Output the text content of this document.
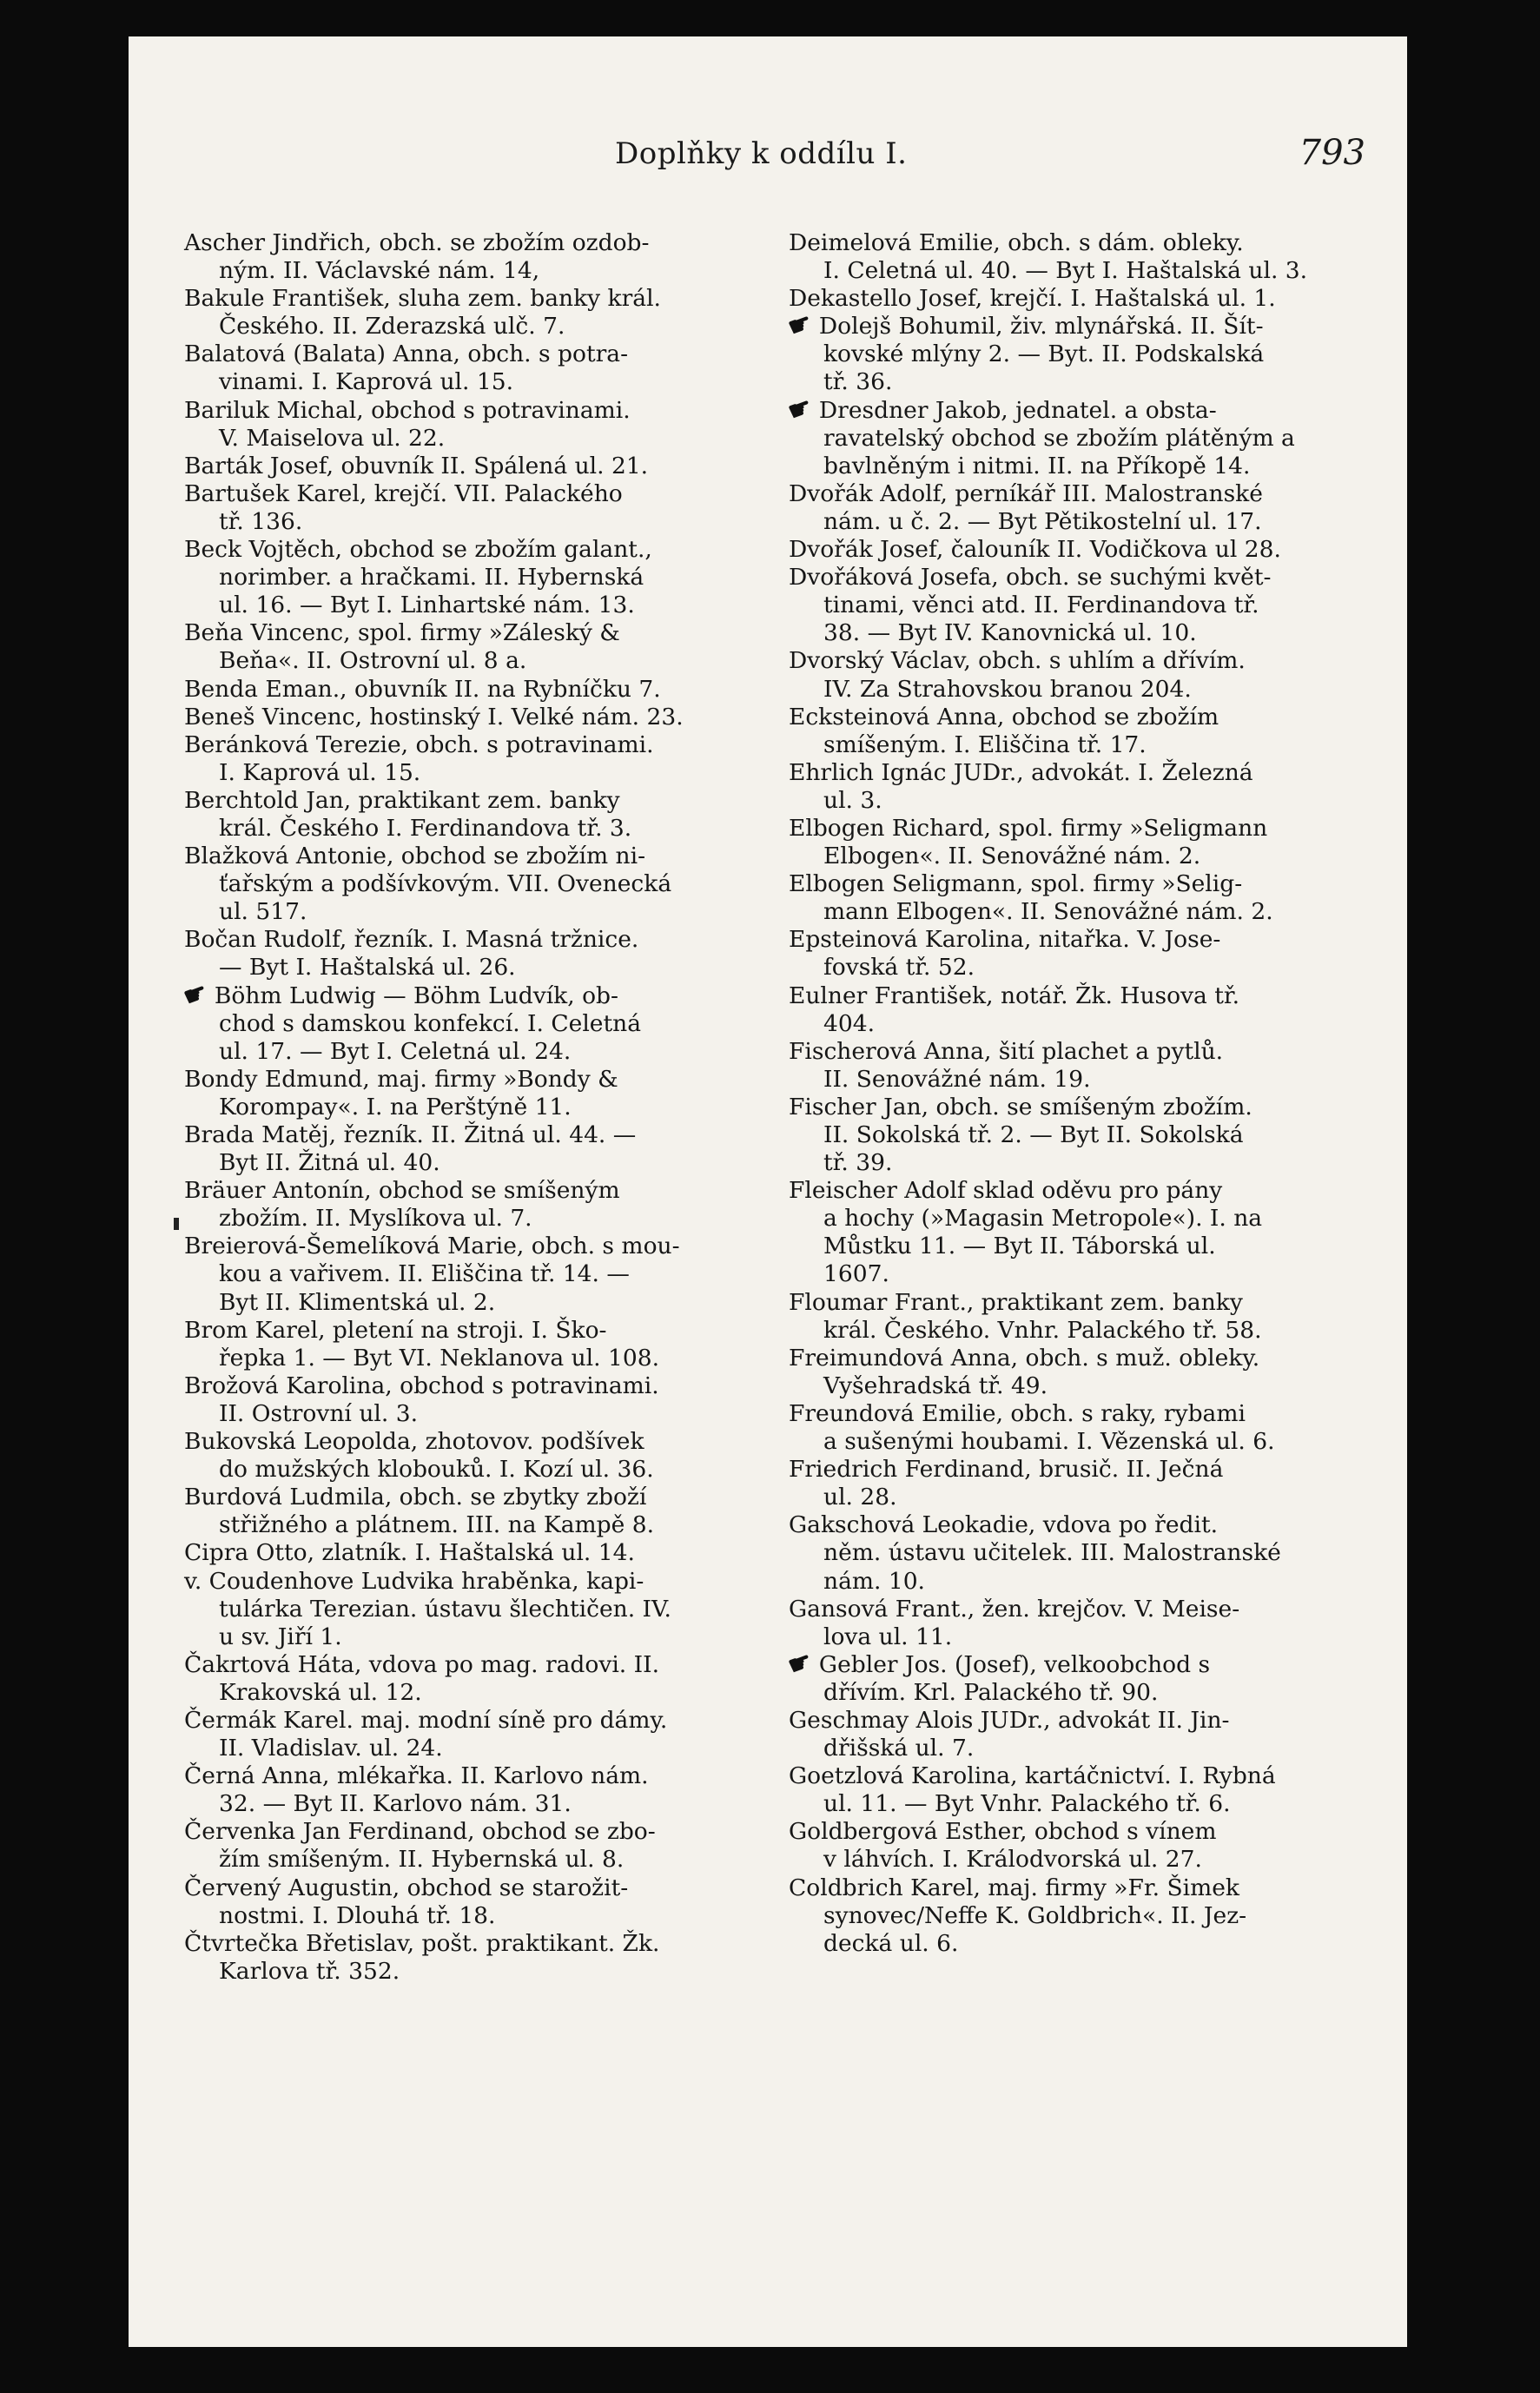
Doplňky k oddílu I.	793
Ascher Jindřich, obch. se zbožím ozdob-
ným. II. Václavské nám. 14,
Bakule František, sluha zem. banky král.
Českého. II. Zderazská ulč. 7.
Balatová (Balata) Anna, obch. s potra-
vinami. I. Kaprová ul. 15.
Bariluk Michal, obchod s potravinami.
V. Maiselova ul. 22.
Barták Josef, obuvník II. Spálená ul. 21.
Bartušek Karel, krejčí. VII. Palackého
tř. 136.
Beck Vojtěch, obchod se zbožím galant.,
norimber. a hračkami. II. Hybernská
ul. 16. — Byt I. Linhartské nám. 13.
Beňa Vincenc, spol. firmy »Záleský &
Beňa«. II. Ostrovní ul. 8 a.
Benda Eman., obuvník II. na Rybníčku 7.
Beneš Vincenc, hostinský I. Velké nám. 23.
Beránková Terezie, obch. s potravinami.
I. Kaprová ul. 15.
Berchtold Jan, praktikant zem. banky
král. Českého I. Ferdinandova tř. 3.
Blažková Antonie, obchod se zbožím ni-
ťařským a podšívkovým. VII. Ovenecká
ul. 517.
Bočan Rudolf, řezník. I. Masná tržnice.
— Byt I. Haštalská ul. 26.
☛ Böhm Ludwig — Böhm Ludvík, ob-
chod s damskou konfekcí. I. Celetná
ul. 17. — Byt I. Celetná ul. 24.
Bondy Edmund, maj. firmy »Bondy &
Korompay«. I. na Perštýně 11.
Brada Matěj, řezník. II. Žitná ul. 44. —
Byt II. Žitná ul. 40.
Bräuer Antonín, obchod se smíšeným
zbožím. II. Myslíkova ul. 7.
Breierová-Šemelíková Marie, obch. s mou-
kou a vařivem. II. Eliščina tř. 14. —
Byt II. Klimentská ul. 2.
Brom Karel, pletení na stroji. I. Ško-
řepka 1. — Byt VI. Neklanova ul. 108.
Brožová Karolina, obchod s potravinami.
II. Ostrovní ul. 3.
Bukovská Leopolda, zhotovov. podšívek
do mužských klobouků. I. Kozí ul. 36.
Burdová Ludmila, obch. se zbytky zboží
střižného a plátnem. III. na Kampě 8.
Cipra Otto, zlatník. I. Haštalská ul. 14.
v. Coudenhove Ludvika hraběnka, kapi-
tulárka Terezian. ústavu šlechtičen. IV.
u sv. Jiří 1.
Čakrtová Háta, vdova po mag. radovi. II.
Krakovská ul. 12.
Čermák Karel. maj. modní síně pro dámy.
II. Vladislav. ul. 24.
Černá Anna, mlékařka. II. Karlovo nám.
32. — Byt II. Karlovo nám. 31.
Červenka Jan Ferdinand, obchod se zbo-
žím smíšeným. II. Hybernská ul. 8.
Červený Augustin, obchod se starožit-
nostmi. I. Dlouhá tř. 18.
Čtvrtečka Břetislav, pošt. praktikant. Žk.
Karlova tř. 352.
Deimelová Emilie, obch. s dám. obleky.
I. Celetná ul. 40. — Byt I. Haštalská ul. 3.
Dekastello Josef, krejčí. I. Haštalská ul. 1.
☛ Dolejš Bohumil, živ. mlynářská. II. Šít-
kovské mlýny 2. — Byt. II. Podskalská
tř. 36.
☛ Dresdner Jakob, jednatel. a obsta-
ravatelský obchod se zbožím plátěným a
bavlněným i nitmi. II. na Příkopě 14.
Dvořák Adolf, perníkář III. Malostranské
nám. u č. 2. — Byt Pětikostelní ul. 17.
Dvořák Josef, čalouník II. Vodičkova ul 28.
Dvořáková Josefa, obch. se suchými květ-
tinami, věnci atd. II. Ferdinandova tř.
38. — Byt IV. Kanovnická ul. 10.
Dvorský Václav, obch. s uhlím a dřívím.
IV. Za Strahovskou branou 204.
Ecksteinová Anna, obchod se zbožím
smíšeným. I. Eliščina tř. 17.
Ehrlich Ignác JUDr., advokát. I. Železná
ul. 3.
Elbogen Richard, spol. firmy »Seligmann
Elbogen«. II. Senovážné nám. 2.
Elbogen Seligmann, spol. firmy »Selig-
mann Elbogen«. II. Senovážné nám. 2.
Epsteinová Karolina, nitařka. V. Jose-
fovská tř. 52.
Eulner František, notář. Žk. Husova tř.
404.
Fischerová Anna, šití plachet a pytlů.
II. Senovážné nám. 19.
Fischer Jan, obch. se smíšeným zbožím.
II. Sokolská tř. 2. — Byt II. Sokolská
tř. 39.
Fleischer Adolf sklad oděvu pro pány
a hochy (»Magasin Metropole«). I. na
Můstku 11. — Byt II. Táborská ul.
1607.
Floumar Frant., praktikant zem. banky
král. Českého. Vnhr. Palackého tř. 58.
Freimundová Anna, obch. s muž. obleky.
Vyšehradská tř. 49.
Freundová Emilie, obch. s raky, rybami
a sušenými houbami. I. Vězenská ul. 6.
Friedrich Ferdinand, brusič. II. Ječná
ul. 28.
Gakschová Leokadie, vdova po ředit.
něm. ústavu učitelek. III. Malostranské
nám. 10.
Gansová Frant., žen. krejčov. V. Meise-
lova ul. 11.
☛ Gebler Jos. (Josef), velkoobchod s
dřívím. Krl. Palackého tř. 90.
Geschmay Alois JUDr., advokát II. Jin-
dřišská ul. 7.
Goetzlová Karolina, kartáčnictví. I. Rybná
ul. 11. — Byt Vnhr. Palackého tř. 6.
Goldbergová Esther, obchod s vínem
v láhvích. I. Králodvorská ul. 27.
Coldbrich Karel, maj. firmy »Fr. Šimek
synovec/Neffe K. Goldbrich«. II. Jez-
decká ul. 6.
